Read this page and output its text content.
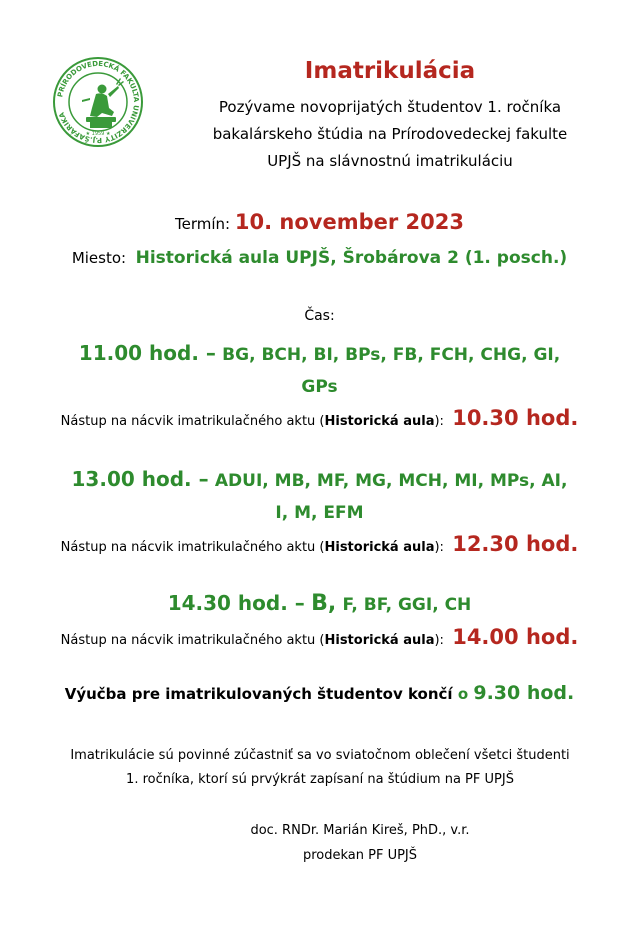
PRÍRODOVEDECKÁ FAKULTA UNIVERZITY P.J.ŠAFÁRIKA
★ 1959 ★
Imatrikulácia
Pozývame novoprijatých študentov 1. ročníka
bakalárskeho štúdia na Prírodovedeckej fakulte
UPJŠ na slávnostnú imatrikuláciu
Termín: 10. november 2023
Miesto: Historická aula UPJŠ, Šrobárova 2 (1. posch.)
Čas:
11.00 hod. – BG, BCH, BI, BPs, FB, FCH, CHG, GI,
GPs
Nástup na nácvik imatrikulačného aktu (Historická aula): 10.30 hod.
13.00 hod. – ADUI, MB, MF, MG, MCH, MI, MPs, AI,
I, M, EFM
Nástup na nácvik imatrikulačného aktu (Historická aula): 12.30 hod.
14.30 hod. – B, F, BF, GGI, CH
Nástup na nácvik imatrikulačného aktu (Historická aula): 14.00 hod.
Výučba pre imatrikulovaných študentov končí o 9.30 hod.
Imatrikulácie sú povinné zúčastniť sa vo sviatočnom oblečení všetci študenti
1. ročníka, ktorí sú prvýkrát zapísaní na štúdium na PF UPJŠ
doc. RNDr. Marián Kireš, PhD., v.r.
prodekan PF UPJŠ
